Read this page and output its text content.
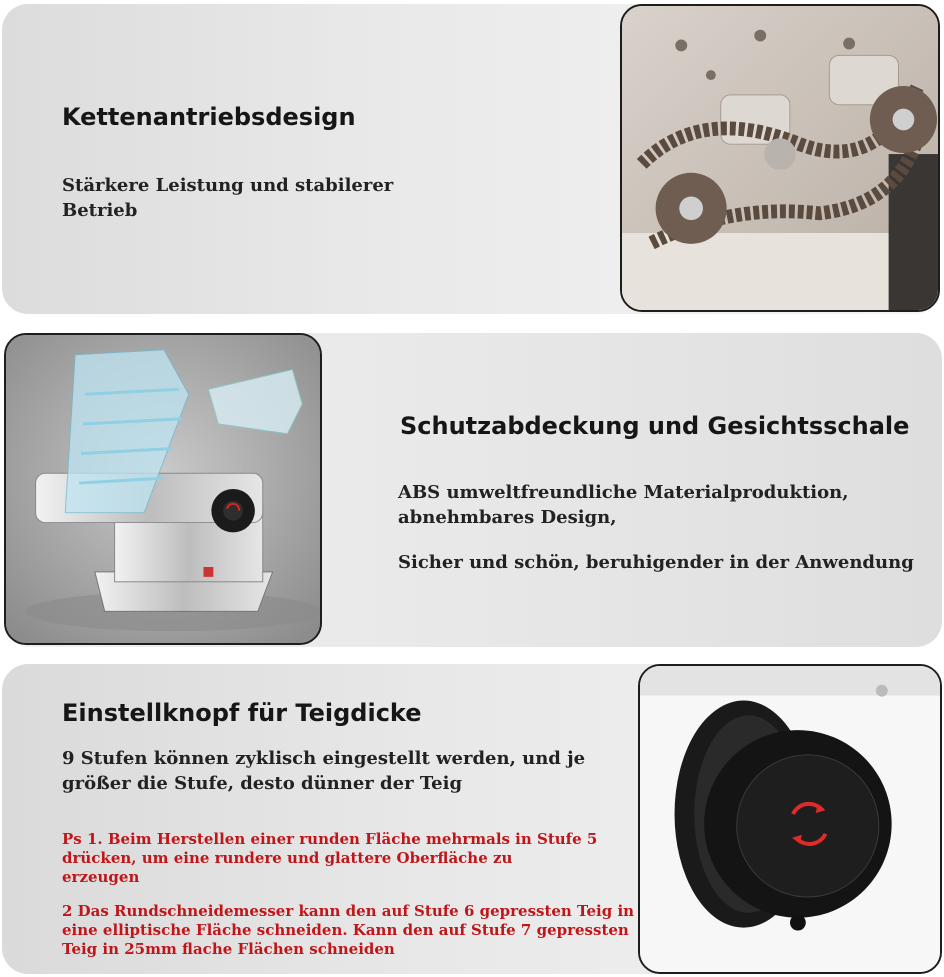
Kettenantriebsdesign
Stärkere Leistung und stabilerer
Betrieb
Schutzabdeckung und Gesichtsschale
ABS umweltfreundliche Materialproduktion,
abnehmbares Design,
Sicher und schön, beruhigender in der Anwendung
Einstellknopf für Teigdicke
9 Stufen können zyklisch eingestellt werden, und je
größer die Stufe, desto dünner der Teig
Ps 1. Beim Herstellen einer runden Fläche mehrmals in Stufe 5
drücken, um eine rundere und glattere Oberfläche zu
erzeugen
2 Das Rundschneidemesser kann den auf Stufe 6 gepressten Teig in
eine elliptische Fläche schneiden. Kann den auf Stufe 7 gepressten
Teig in 25mm flache Flächen schneiden
